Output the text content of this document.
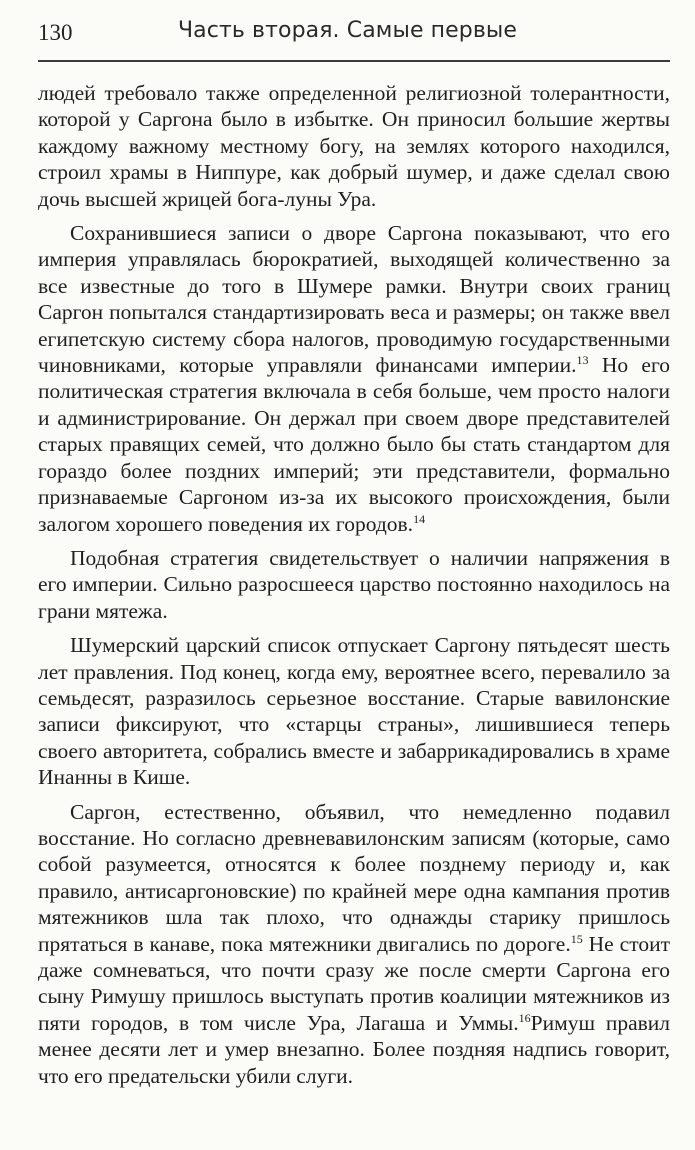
130	Часть вторая. Самые первые

людей требовало также определенной религиозной толерантности, которой у Саргона было в избытке. Он приносил большие жертвы каждому важному местному богу, на землях которого находился, строил храмы в Ниппуре, как добрый шумер, и даже сделал свою дочь высшей жрицей бога-луны Ура.

Сохранившиеся записи о дворе Саргона показывают, что его империя управлялась бюрократией, выходящей количественно за все известные до того в Шумере рамки. Внутри своих границ Саргон попытался стандартизировать веса и размеры; он также ввел египетскую систему сбора налогов, проводимую государственными чиновниками, которые управляли финансами империи.$^{13}$ Но его политическая стратегия включала в себя больше, чем просто налоги и администрирование. Он держал при своем дворе представителей старых правящих семей, что должно было бы стать стандартом для гораздо более поздних империй; эти представители, формально признаваемые Саргоном из-за их высокого происхождения, были залогом хорошего поведения их городов.$^{14}$

Подобная стратегия свидетельствует о наличии напряжения в его империи. Сильно разросшееся царство постоянно находилось на грани мятежа.

Шумерский царский список отпускает Саргону пятьдесят шесть лет правления. Под конец, когда ему, вероятнее всего, перевалило за семьдесят, разразилось серьезное восстание. Старые вавилонские записи фиксируют, что «старцы страны», лишившиеся теперь своего авторитета, собрались вместе и забаррикадировались в храме Инанны в Кише.

Саргон, естественно, объявил, что немедленно подавил восстание. Но согласно древневавилонским записям (которые, само собой разумеется, относятся к более позднему периоду и, как правило, антисаргоновские) по крайней мере одна кампания против мятежников шла так плохо, что однажды старику пришлось прятаться в канаве, пока мятежники двигались по дороге.$^{15}$ Не стоит даже сомневаться, что почти сразу же после смерти Саргона его сыну Римушу пришлось выступать против коалиции мятежников из пяти городов, в том числе Ура, Лагаша и Уммы.$^{16}$Римуш правил менее десяти лет и умер внезапно. Более поздняя надпись говорит, что его предательски убили слуги.
